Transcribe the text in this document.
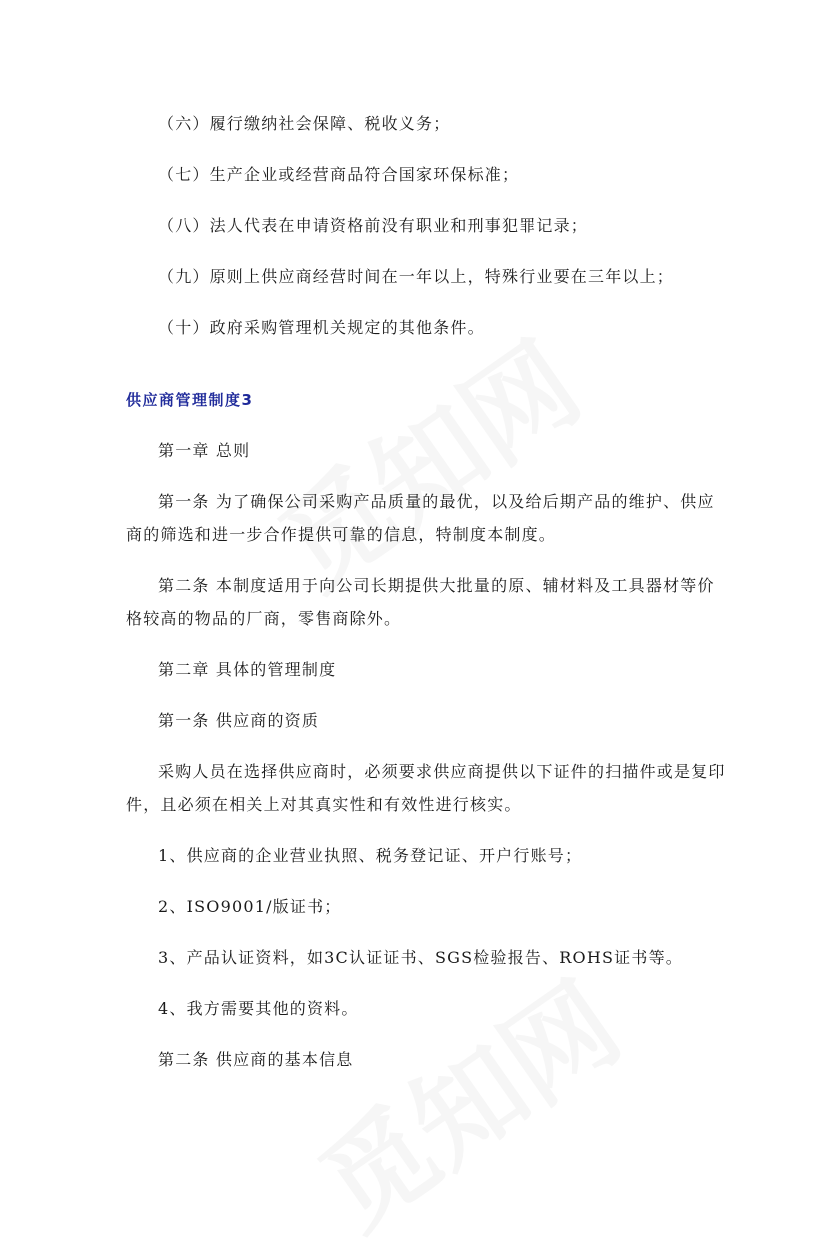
（六）履行缴纳社会保障、税收义务；
（七）生产企业或经营商品符合国家环保标准；
（八）法人代表在申请资格前没有职业和刑事犯罪记录；
（九）原则上供应商经营时间在一年以上，特殊行业要在三年以上；
（十）政府采购管理机关规定的其他条件。
供应商管理制度3
第一章 总则
第一条 为了确保公司采购产品质量的最优，以及给后期产品的维护、供应
商的筛选和进一步合作提供可靠的信息，特制度本制度。
第二条 本制度适用于向公司长期提供大批量的原、辅材料及工具器材等价
格较高的物品的厂商，零售商除外。
第二章 具体的管理制度
第一条 供应商的资质
采购人员在选择供应商时，必须要求供应商提供以下证件的扫描件或是复印
件，且必须在相关上对其真实性和有效性进行核实。
1、供应商的企业营业执照、税务登记证、开户行账号；
2、ISO9001/版证书；
3、产品认证资料，如3C认证证书、SGS检验报告、ROHS证书等。
4、我方需要其他的资料。
第二条 供应商的基本信息
